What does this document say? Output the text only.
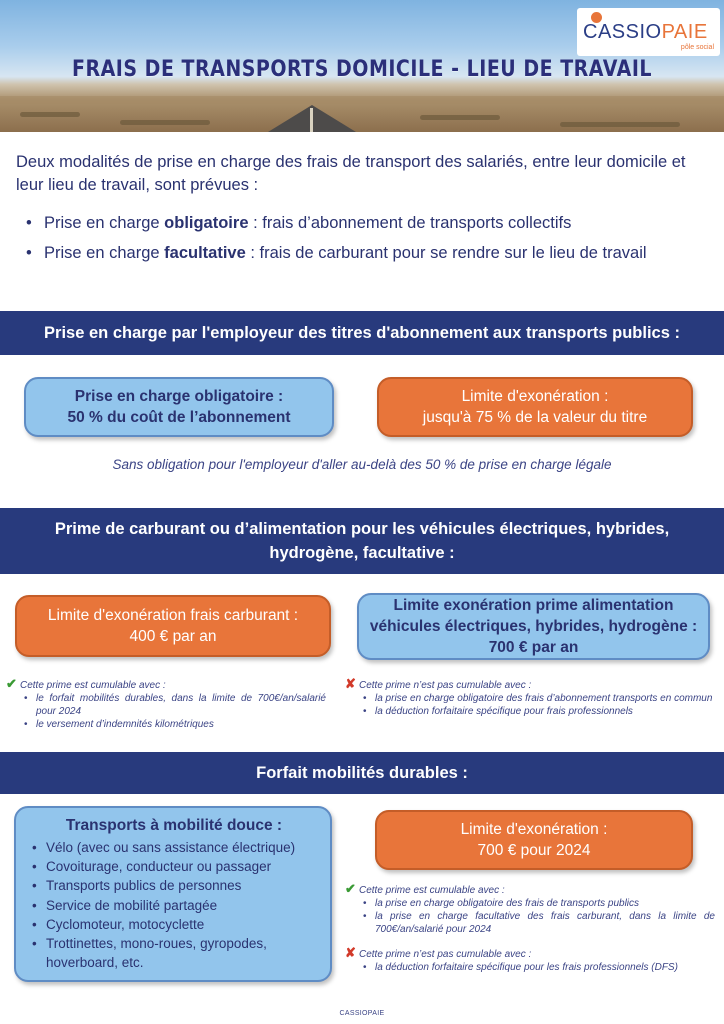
FRAIS DE TRANSPORTS DOMICILE - LIEU DE TRAVAIL
CASSIOPAIE
pôle social

Deux modalités de prise en charge des frais de transport des salariés, entre leur domicile et leur lieu de travail, sont prévues :

• Prise en charge obligatoire : frais d’abonnement de transports collectifs
• Prise en charge facultative : frais de carburant pour se rendre sur le lieu de travail
Prise en charge par l'employeur des titres d'abonnement aux transports publics :
Prise en charge obligatoire :
50 % du coût de l’abonnement
Limite d'exonération :
jusqu'à 75 % de la valeur du titre
Sans obligation pour l'employeur d'aller au-delà des 50 % de prise en charge légale
Prime de carburant ou d’alimentation pour les véhicules électriques, hybrides,
hydrogène, facultative :
Limite d'exonération frais carburant :
400 € par an
Limite exonération prime alimentation
véhicules électriques, hybrides, hydrogène :
700 € par an
✔ Cette prime est cumulable avec :
• le forfait mobilités durables, dans la limite de 700€/an/salarié pour 2024
• le versement d’indemnités kilométriques
✘ Cette prime n’est pas cumulable avec :
• la prise en charge obligatoire des frais d’abonnement transports en commun
• la déduction forfaitaire spécifique pour frais professionnels
Forfait mobilités durables :
Transports à mobilité douce :
• Vélo (avec ou sans assistance électrique)
• Covoiturage, conducteur ou passager
• Transports publics de personnes
• Service de mobilité partagée
• Cyclomoteur, motocyclette
• Trottinettes, mono-roues, gyropodes, hoverboard, etc.
Limite d'exonération :
700 € pour 2024
✔ Cette prime est cumulable avec :
• la prise en charge obligatoire des frais de transports publics
• la prise en charge facultative des frais carburant, dans la limite de 700€/an/salarié pour 2024
✘ Cette prime n’est pas cumulable avec :
• la déduction forfaitaire spécifique pour les frais professionnels (DFS)
CASSIOPAIE
